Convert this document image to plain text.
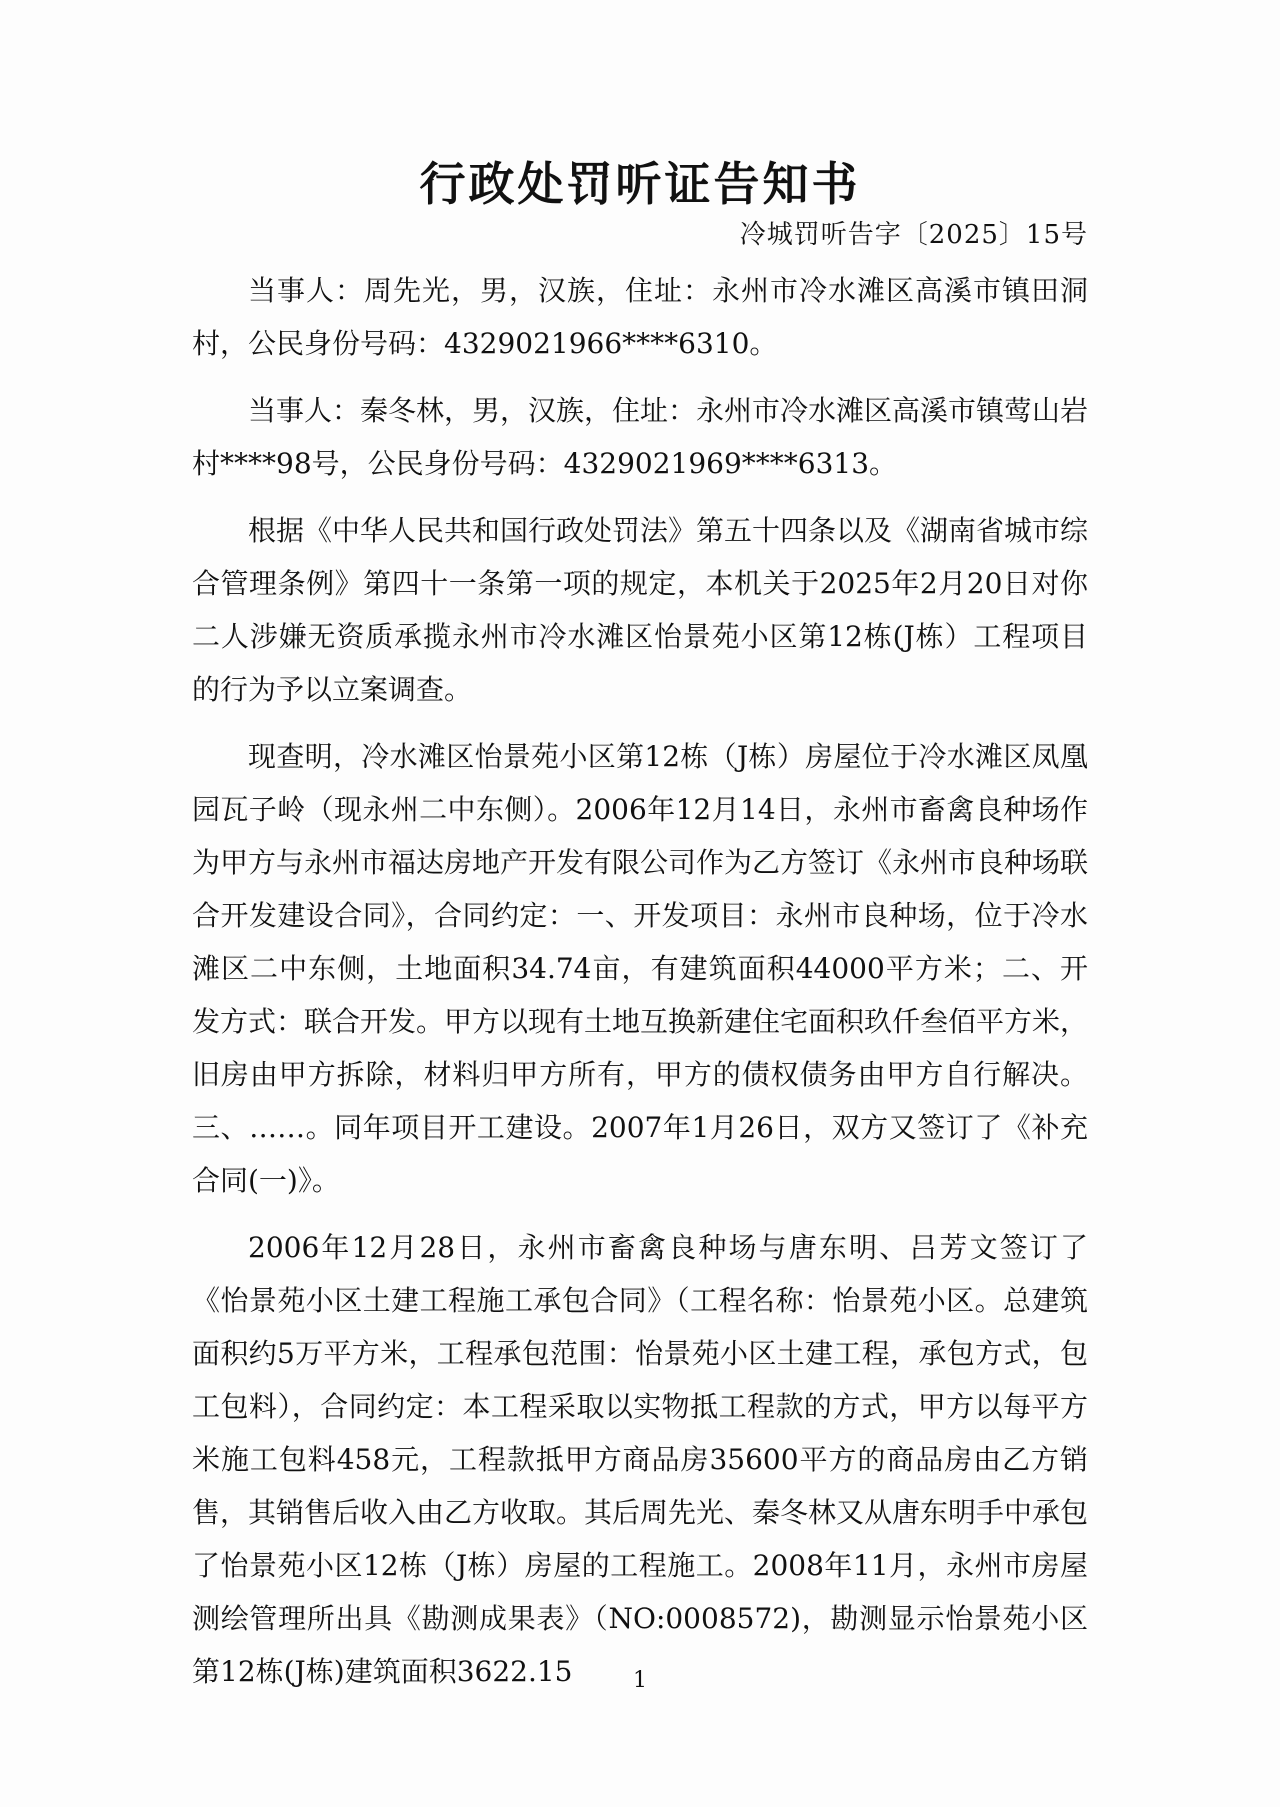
行政处罚听证告知书
冷城罚听告字〔2025〕15号

当事人：周先光，男，汉族，住址：永州市冷水滩区高溪市镇田洞村，公民身份号码：4329021966****6310。

当事人：秦冬林，男，汉族，住址：永州市冷水滩区高溪市镇莺山岩村****98号，公民身份号码：4329021969****6313。

根据《中华人民共和国行政处罚法》第五十四条以及《湖南省城市综合管理条例》第四十一条第一项的规定，本机关于2025年2月20日对你二人涉嫌无资质承揽永州市冷水滩区怡景苑小区第12栋(J栋）工程项目的行为予以立案调查。

现查明，冷水滩区怡景苑小区第12栋（J栋）房屋位于冷水滩区凤凰园瓦子岭（现永州二中东侧）。2006年12月14日，永州市畜禽良种场作为甲方与永州市福达房地产开发有限公司作为乙方签订《永州市良种场联合开发建设合同》，合同约定：一、开发项目：永州市良种场，位于冷水滩区二中东侧，土地面积34.74亩，有建筑面积44000平方米；二、开发方式：联合开发。甲方以现有土地互换新建住宅面积玖仟叁佰平方米，旧房由甲方拆除，材料归甲方所有，甲方的债权债务由甲方自行解决。三、……。同年项目开工建设。2007年1月26日，双方又签订了《补充合同(一)》。

2006年12月28日，永州市畜禽良种场与唐东明、吕芳文签订了《怡景苑小区土建工程施工承包合同》（工程名称：怡景苑小区。总建筑面积约5万平方米，工程承包范围：怡景苑小区土建工程，承包方式，包工包料），合同约定：本工程采取以实物抵工程款的方式，甲方以每平方米施工包料458元，工程款抵甲方商品房35600平方的商品房由乙方销售，其销售后收入由乙方收取。其后周先光、秦冬林又从唐东明手中承包了怡景苑小区12栋（J栋）房屋的工程施工。2008年11月，永州市房屋测绘管理所出具《勘测成果表》（NO:0008572)，勘测显示怡景苑小区第12栋(J栋)建筑面积3622.15	1
